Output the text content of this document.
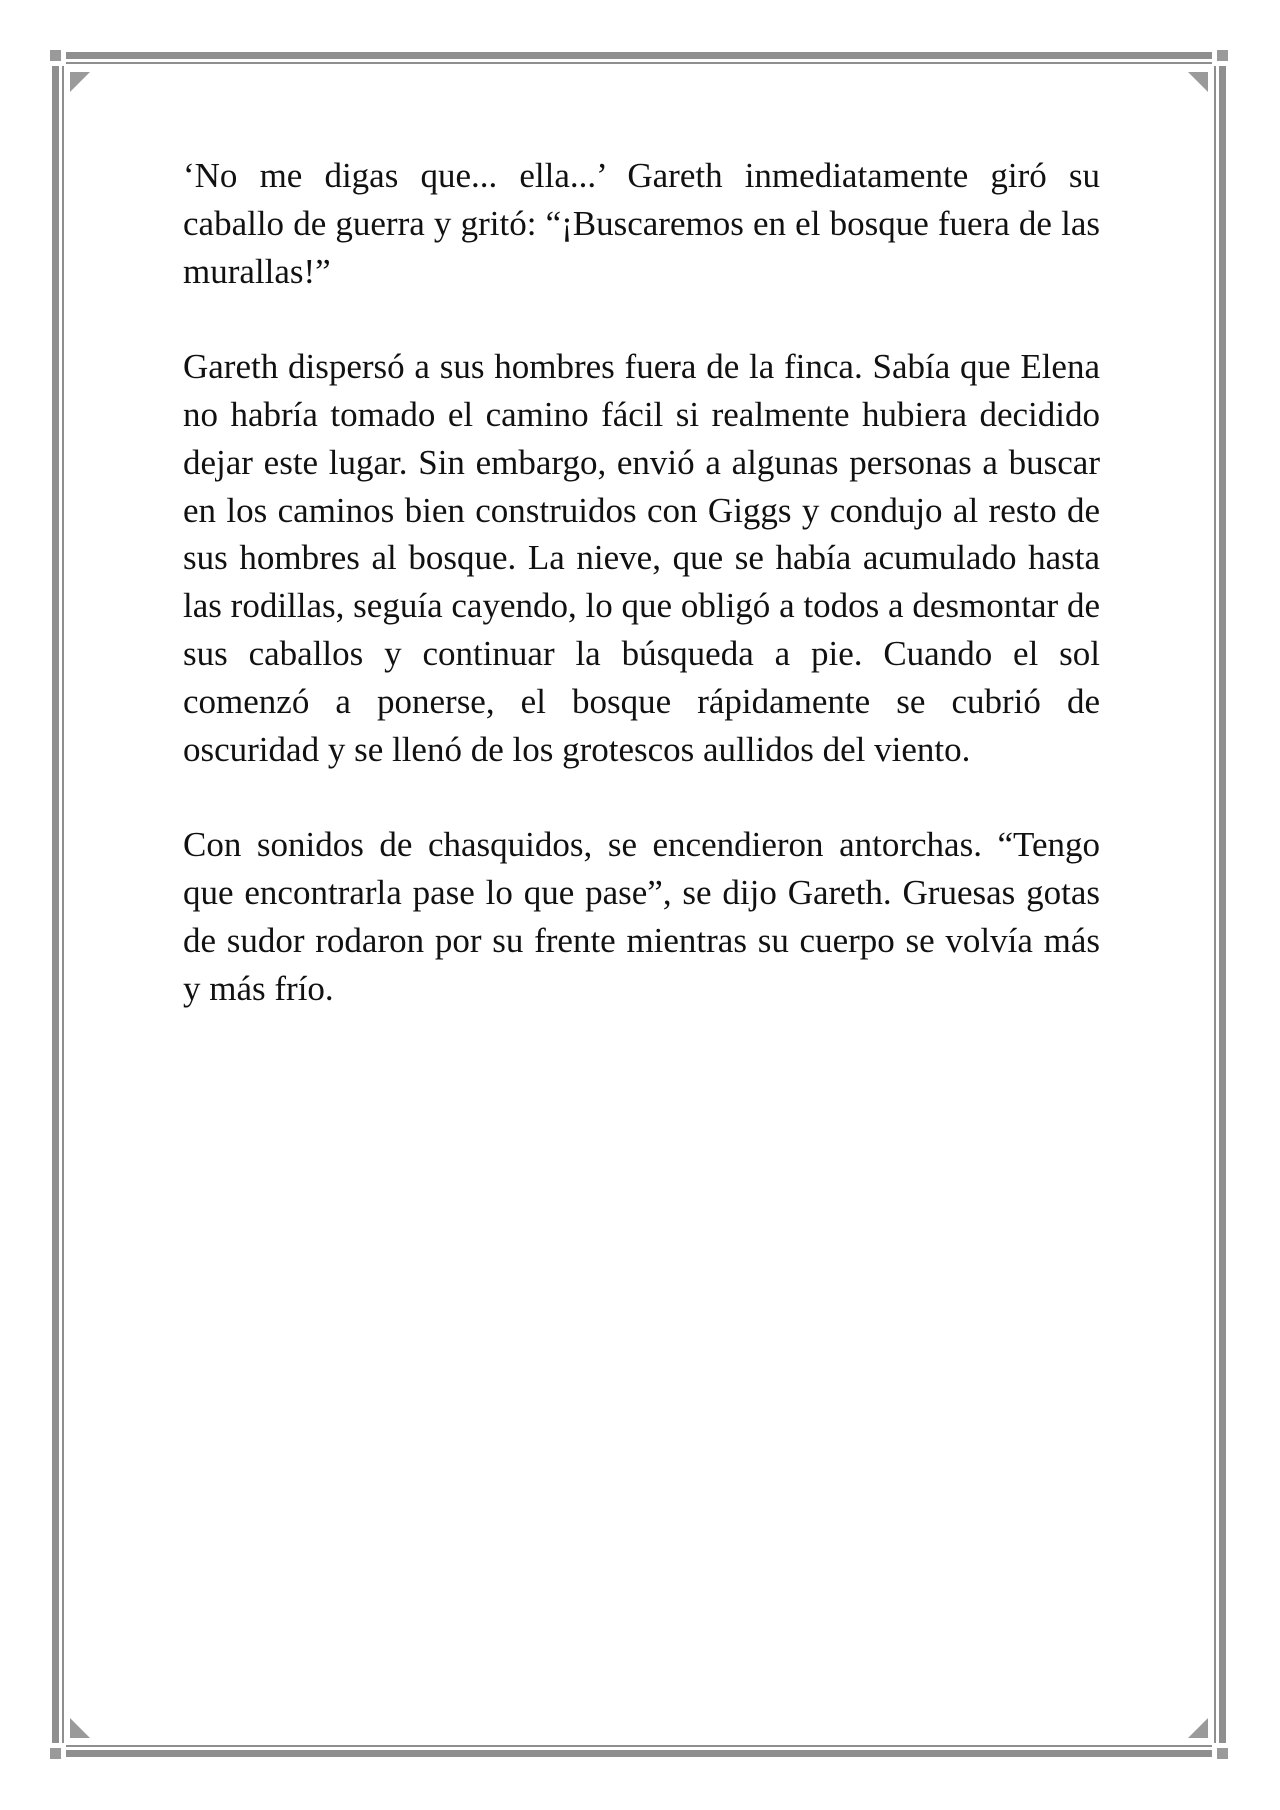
‘No me digas que... ella...’ Gareth inmediatamente giró su caballo de guerra y gritó: “¡Buscaremos en el bosque fuera de las murallas!”

Gareth dispersó a sus hombres fuera de la finca. Sabía que Elena no habría tomado el camino fácil si realmente hubiera decidido dejar este lugar. Sin embargo, envió a algunas personas a buscar en los caminos bien construidos con Giggs y condujo al resto de sus hombres al bosque. La nieve, que se había acumulado hasta las rodillas, seguía cayendo, lo que obligó a todos a desmontar de sus caballos y continuar la búsqueda a pie. Cuando el sol comenzó a ponerse, el bosque rápidamente se cubrió de oscuridad y se llenó de los grotescos aullidos del viento.

Con sonidos de chasquidos, se encendieron antorchas. “Tengo que encontrarla pase lo que pase”, se dijo Gareth. Gruesas gotas de sudor rodaron por su frente mientras su cuerpo se volvía más y más frío.
